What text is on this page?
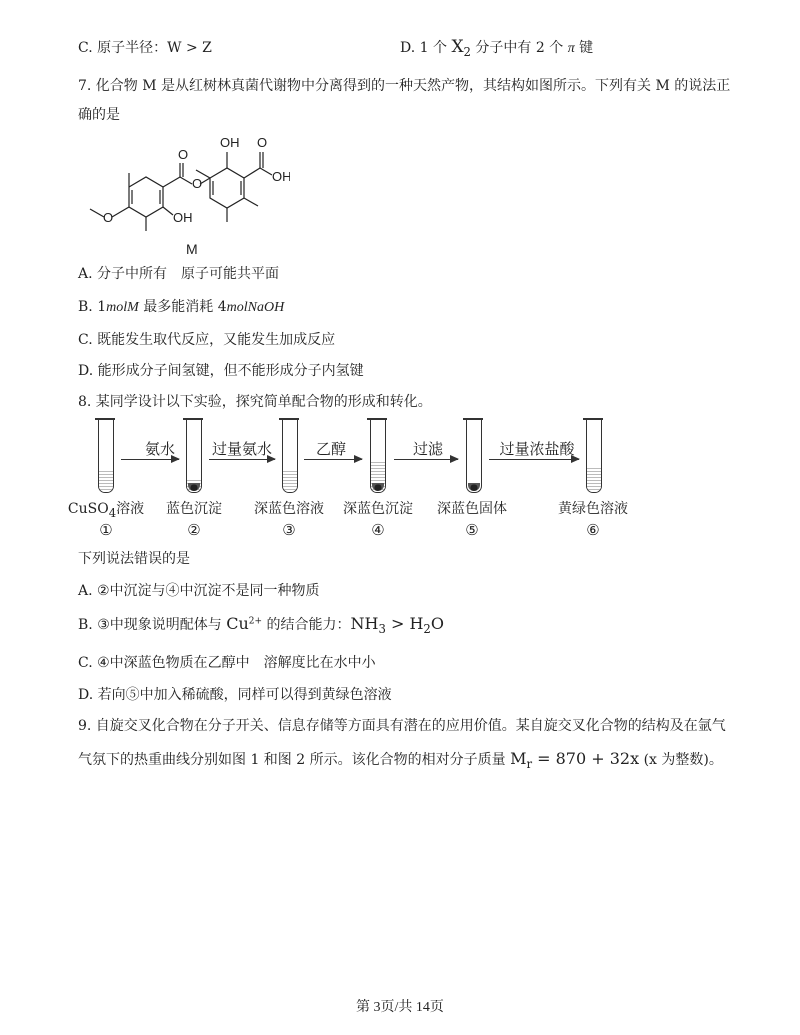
C. 原子半径：W > Z	D. 1 个 $X_2$ 分子中有 2 个 π 键
7. 化合物 M 是从红树林真菌代谢物中分离得到的一种天然产物，其结构如图所示。下列有关 M 的说法正
确的是
OH
O
O
O
OH
O	OH
M
A. 分子中所有　原子可能共平面
B. 1molM 最多能消耗 4molNaOH
C. 既能发生取代反应，又能发生加成反应
D. 能形成分子间氢键，但不能形成分子内氢键
8. 某同学设计以下实验，探究简单配合物的形成和转化。
氨水	过量氨水	乙醇	过滤	过量浓盐酸
CuSO$_4$溶液	蓝色沉淀	深蓝色溶液	深蓝色沉淀	深蓝色固体	黄绿色溶液
①	②	③	④	⑤	⑥
下列说法错误的是
A. ②中沉淀与④中沉淀不是同一种物质
B. ③中现象说明配体与 $Cu^{2+}$ 的结合能力：$NH_3 > H_2O$
C. ④中深蓝色物质在乙醇中　溶解度比在水中小
D. 若向⑤中加入稀硫酸，同样可以得到黄绿色溶液
9. 自旋交叉化合物在分子开关、信息存储等方面具有潜在的应用价值。某自旋交叉化合物的结构及在氩气
气氛下的热重曲线分别如图 1 和图 2 所示。该化合物的相对分子质量 $M_r = 870 + 32x$ (x 为整数)。
第 3页/共 14页
